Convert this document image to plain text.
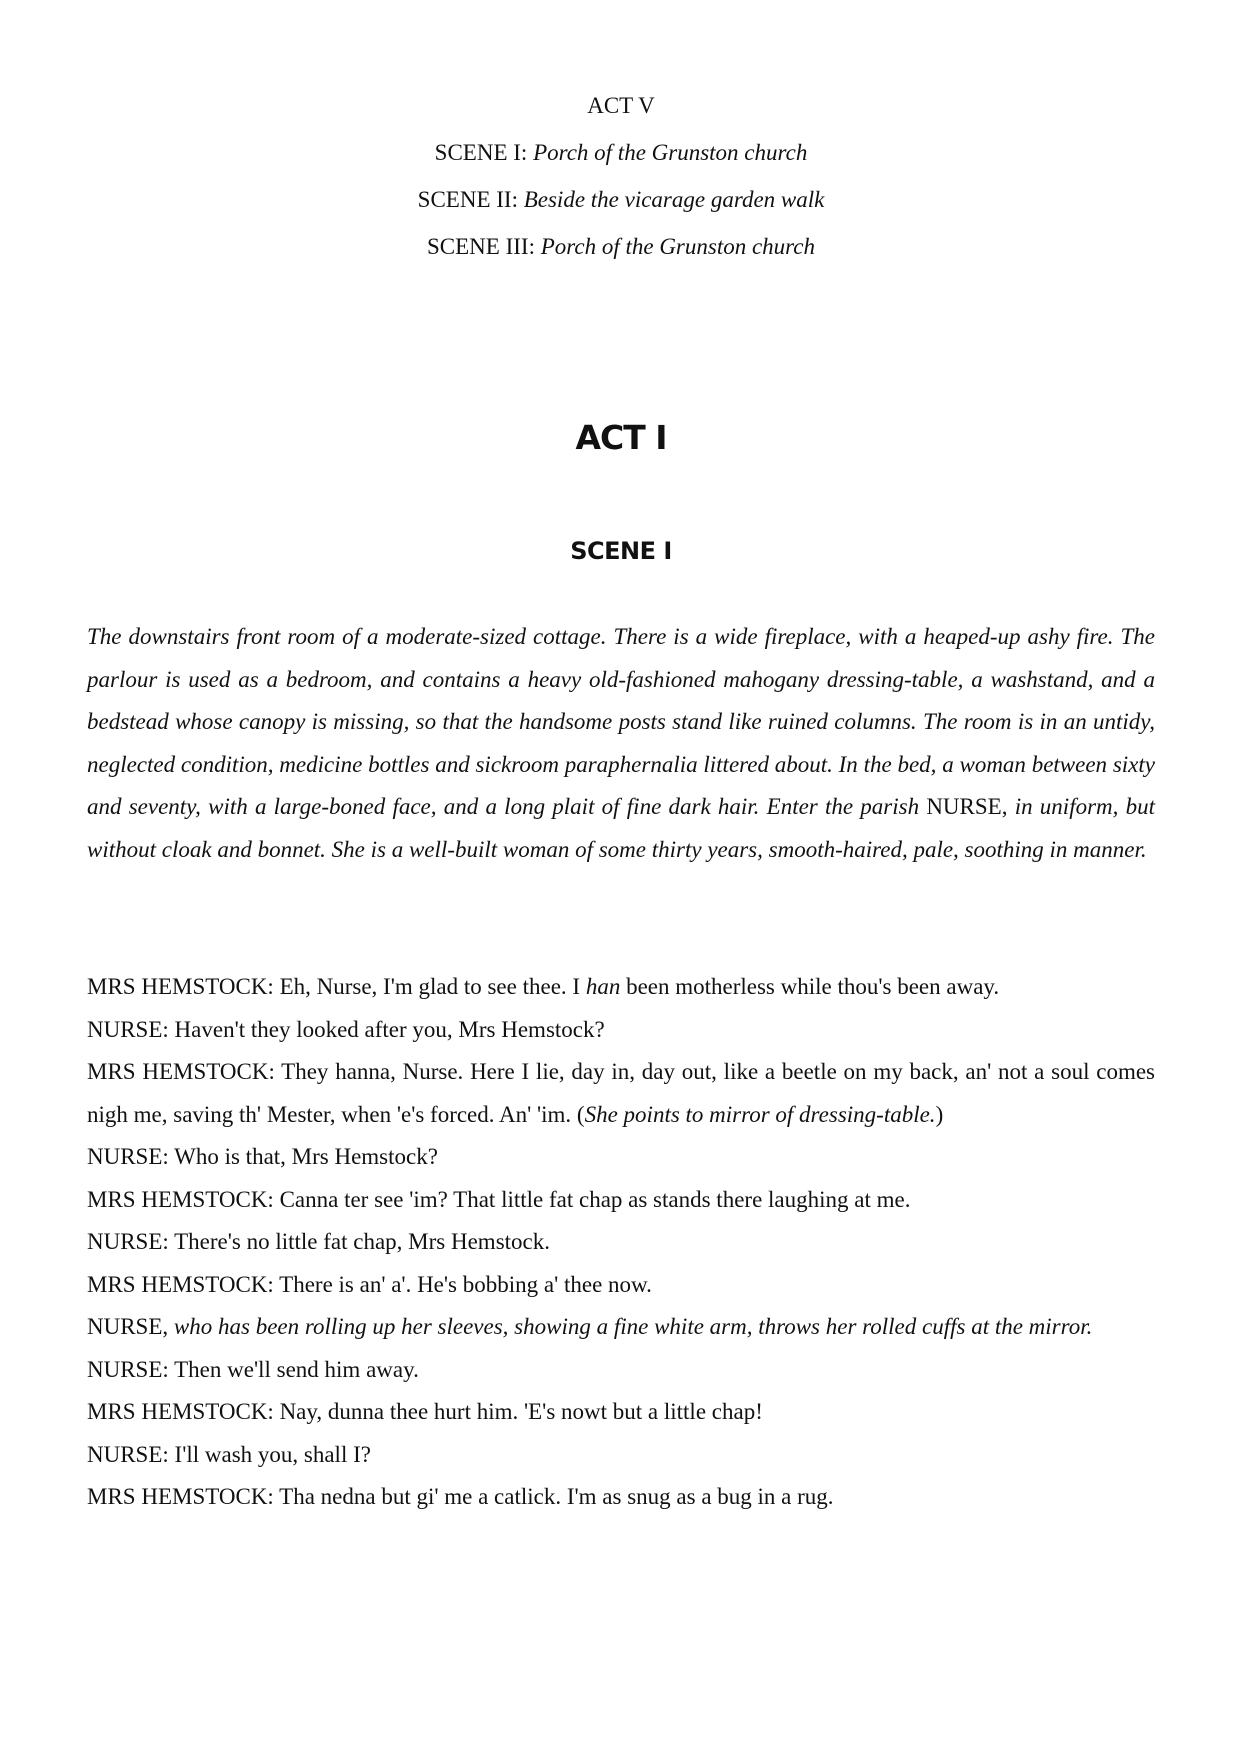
ACT V
SCENE I: Porch of the Grunston church
SCENE II: Beside the vicarage garden walk
SCENE III: Porch of the Grunston church
ACT I
SCENE I

The downstairs front room of a moderate-sized cottage. There is a wide fireplace, with a heaped-up ashy fire. The parlour is used as a bedroom, and contains a heavy old-fashioned mahogany dressing-table, a washstand, and a bedstead whose canopy is missing, so that the handsome posts stand like ruined columns. The room is in an untidy, neglected condition, medicine bottles and sickroom paraphernalia littered about. In the bed, a woman between sixty and seventy, with a large-boned face, and a long plait of fine dark hair. Enter the parish NURSE, in uniform, but without cloak and bonnet. She is a well-built woman of some thirty years, smooth-haired, pale, soothing in manner.

MRS HEMSTOCK: Eh, Nurse, I'm glad to see thee. I han been motherless while thou's been away.

NURSE: Haven't they looked after you, Mrs Hemstock?

MRS HEMSTOCK: They hanna, Nurse. Here I lie, day in, day out, like a beetle on my back, an' not a soul comes nigh me, saving th' Mester, when 'e's forced. An' 'im. (She points to mirror of dressing-table.)

NURSE: Who is that, Mrs Hemstock?

MRS HEMSTOCK: Canna ter see 'im? That little fat chap as stands there laughing at me.

NURSE: There's no little fat chap, Mrs Hemstock.

MRS HEMSTOCK: There is an' a'. He's bobbing a' thee now.

NURSE, who has been rolling up her sleeves, showing a fine white arm, throws her rolled cuffs at the mirror.

NURSE: Then we'll send him away.

MRS HEMSTOCK: Nay, dunna thee hurt him. 'E's nowt but a little chap!

NURSE: I'll wash you, shall I?

MRS HEMSTOCK: Tha nedna but gi' me a catlick. I'm as snug as a bug in a rug.
